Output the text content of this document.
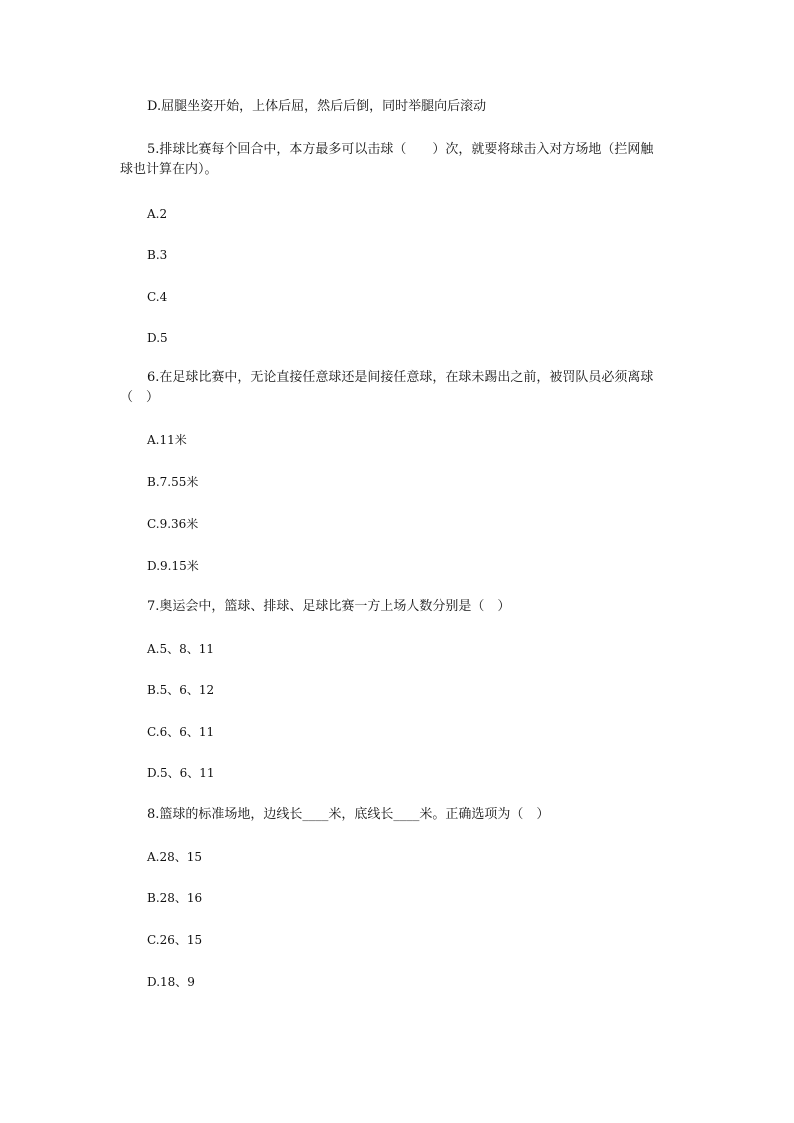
D.屈腿坐姿开始，上体后屈，然后后倒，同时举腿向后滚动
5.排球比赛每个回合中，本方最多可以击球（　　）次，就要将球击入对方场地（拦网触球也计算在内）。
A.2
B.3
C.4
D.5
6.在足球比赛中，无论直接任意球还是间接任意球，在球未踢出之前，被罚队员必须离球（　）
A.11米
B.7.55米
C.9.36米
D.9.15米
7.奥运会中，篮球、排球、足球比赛一方上场人数分别是（　）
A.5、8、11
B.5、6、12
C.6、6、11
D.5、6、11
8.篮球的标准场地，边线长____米，底线长____米。正确选项为（　）
A.28、15
B.28、16
C.26、15
D.18、9
